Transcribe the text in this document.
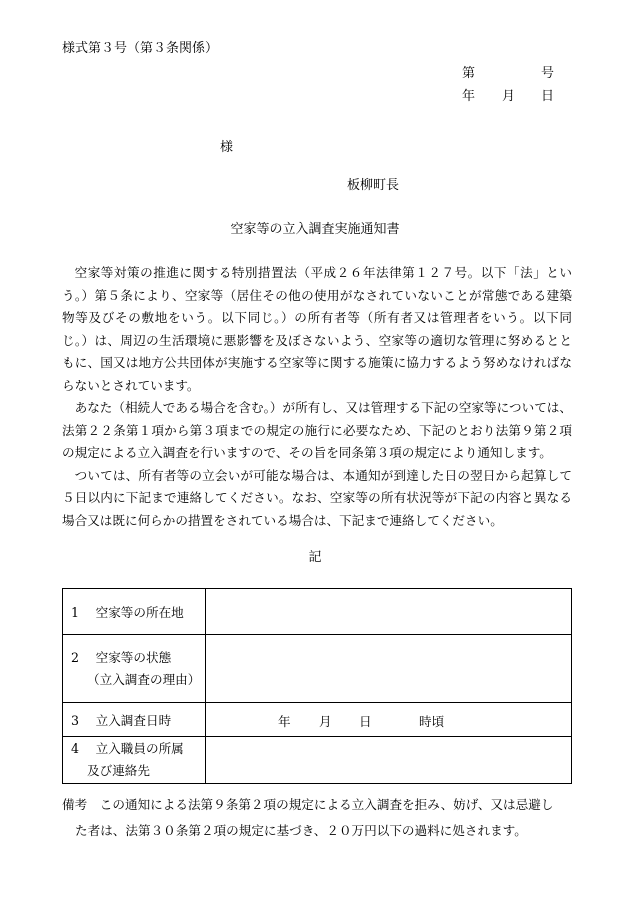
様式第３号（第３条関係）
第	号
年 月 日
様
板柳町長
空家等の立入調査実施通知書

空家等対策の推進に関する特別措置法（平成２６年法律第１２７号。以下「法」という。）第５条により、空家等（居住その他の使用がなされていないことが常態である建築物等及びその敷地をいう。以下同じ。）の所有者等（所有者又は管理者をいう。以下同じ。）は、周辺の生活環境に悪影響を及ぼさないよう、空家等の適切な管理に努めるとともに、国又は地方公共団体が実施する空家等に関する施策に協力するよう努めなければならないとされています。

あなた（相続人である場合を含む。）が所有し、又は管理する下記の空家等については、法第２２条第１項から第３項までの規定の施行に必要なため、下記のとおり法第９第２項の規定による立入調査を行いますので、その旨を同条第３項の規定により通知します。

ついては、所有者等の立会いが可能な場合は、本通知が到達した日の翌日から起算して５日以内に下記まで連絡してください。なお、空家等の所有状況等が下記の内容と異なる場合又は既に何らかの措置をされている場合は、下記まで連絡してください。

記
1　 空家等の所在地	

2　 空家等の状態
（立入調査の理由）	

3　 立入調査日時	年 月 日 時頃

4　 立入職員の所属
及び連絡先	

備考　この通知による法第９条第２項の規定による立入調査を拒み、妨げ、又は忌避し
た者は、法第３０条第２項の規定に基づき、２０万円以下の過料に処されます。
